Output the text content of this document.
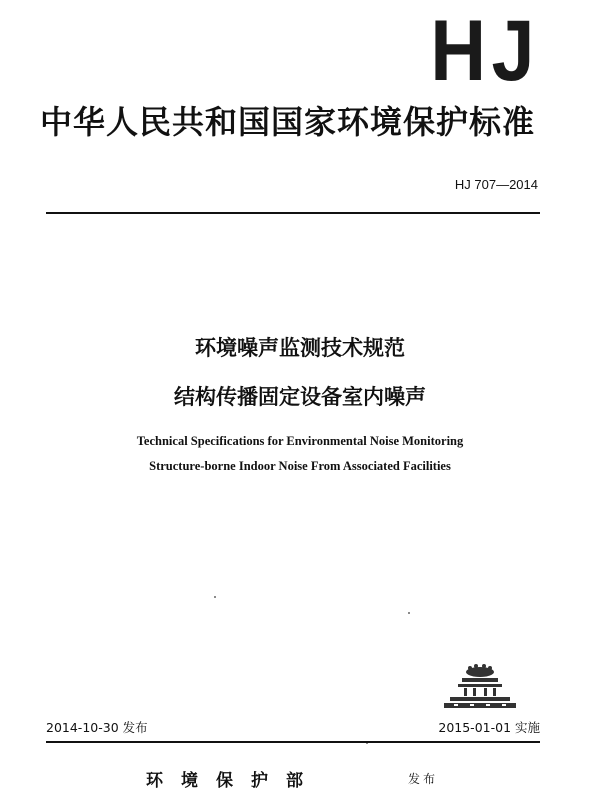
HJ
中华人民共和国国家环境保护标准
HJ 707—2014
环境噪声监测技术规范
结构传播固定设备室内噪声
Technical Specifications for Environmental Noise Monitoring
Structure-borne Indoor Noise From Associated Facilities
2014-10-30 发布	2015-01-01 实施
环境保护部	发布
